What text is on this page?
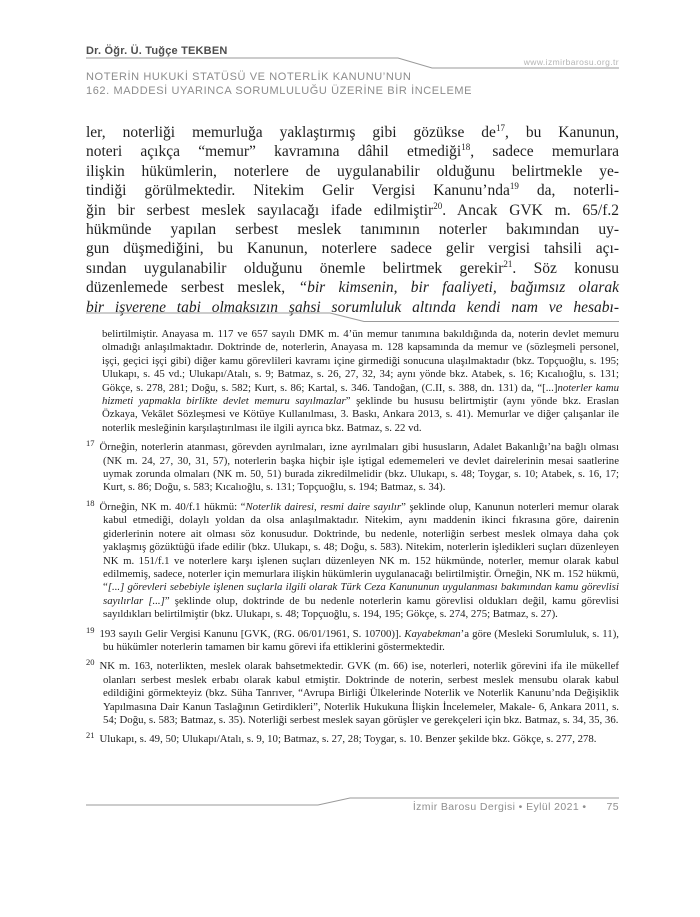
Dr. Öğr. Ü. Tuğçe TEKBEN
www.izmirbarosu.org.tr
NOTERİN HUKUKİ STATÜSÜ VE NOTERLİK KANUNU’NUN
162. MADDESİ UYARINCA SORUMLULUĞU ÜZERİNE BİR İNCELEME
ler, noterliği memurluğa yaklaştırmış gibi gözükse $de^{17}$, bu Kanunun,
noteri açıkça “memur” kavramına dâhil etmediği$^{18}$, sadece memurlara
ilişkin hükümlerin, noterlere de uygulanabilir olduğunu belirtmekle ye-
tindiği görülmektedir. Nitekim Gelir Vergisi Kanunu’nda$^{19}$ da, noterli-
ğin bir serbest meslek sayılacağı ifade edilmiştir$^{20}$. Ancak GVK m. 65/f.2
hükmünde yapılan serbest meslek tanımının noterler bakımından uy-
gun düşmediğini, bu Kanunun, noterlere sadece gelir vergisi tahsili açı-
sından uygulanabilir olduğunu önemle belirtmek gerekir$^{21}$. Söz konusu
düzenlemede serbest meslek, “bir kimsenin, bir faaliyeti, bağımsız olarak
bir işverene tabi olmaksızın şahsi sorumluluk altında kendi nam ve hesabı-
belirtilmiştir. Anayasa m. 117 ve 657 sayılı DMK m. 4’ün memur tanımına bakıldığında da, noterin devlet memuru olmadığı anlaşılmaktadır. Doktrinde de, noterlerin, Anayasa m. 128 kapsamında da memur ve (sözleşmeli personel, işçi, geçici işçi gibi) diğer kamu görevlileri kavramı içine girmediği sonucuna ulaşılmaktadır (bkz. Topçuoğlu, s. 195; Ulukapı, s. 45 vd.; Ulukapı/Atalı, s. 9; Batmaz, s. 26, 27, 32, 34; aynı yönde bkz. Atabek, s. 16; Kıcalıoğlu, s. 131; Gökçe, s. 278, 281; Doğu, s. 582; Kurt, s. 86; Kartal, s. 346. Tandoğan, (C.II, s. 388, dn. 131) da, “[...]noterler kamu hizmeti yapmakla birlikte devlet memuru sayılmazlar” şeklinde bu hususu belirtmiştir (aynı yönde bkz. Eraslan Özkaya, Vekâlet Sözleşmesi ve Kötüye Kullanılması, 3. Baskı, Ankara 2013, s. 41). Memurlar ve diğer çalışanlar ile noterlik mesleğinin karşılaştırılması ile ilgili ayrıca bkz. Batmaz, s. 22 vd.
$^{17}$ Örneğin, noterlerin atanması, görevden ayrılmaları, izne ayrılmaları gibi hususların, Adalet Bakanlığı’na bağlı olması (NK m. 24, 27, 30, 31, 57), noterlerin başka hiçbir işle iştigal edememeleri ve devlet dairelerinin mesai saatlerine uymak zorunda olmaları (NK m. 50, 51) burada zikredilmelidir (bkz. Ulukapı, s. 48; Toygar, s. 10; Atabek, s. 16, 17; Kurt, s. 86; Doğu, s. 583; Kıcalıoğlu, s. 131; Topçuoğlu, s. 194; Batmaz, s. 34).
$^{18}$ Örneğin, NK m. 40/f.1 hükmü: “Noterlik dairesi, resmi daire sayılır” şeklinde olup, Kanunun noterleri memur olarak kabul etmediği, dolaylı yoldan da olsa anlaşılmaktadır. Nitekim, aynı maddenin ikinci fıkrasına göre, dairenin giderlerinin notere ait olması söz konusudur. Doktrinde, bu nedenle, noterliğin serbest meslek olmaya daha çok yaklaşmış gözüktüğü ifade edilir (bkz. Ulukapı, s. 48; Doğu, s. 583). Nitekim, noterlerin işledikleri suçları düzenleyen NK m. 151/f.1 ve noterlere karşı işlenen suçları düzenleyen NK m. 152 hükmünde, noterler, memur olarak kabul edilmemiş, sadece, noterler için memurlara ilişkin hükümlerin uygulanacağı belirtilmiştir. Örneğin, NK m. 152 hükmü, “[...] görevleri sebebiyle işlenen suçlarla ilgili olarak Türk Ceza Kanununun uygulanması bakımından kamu görevlisi sayılırlar [...]” şeklinde olup, doktrinde de bu nedenle noterlerin kamu görevlisi oldukları değil, kamu görevlisi sayıldıkları belirtilmiştir (bkz. Ulukapı, s. 48; Topçuoğlu, s. 194, 195; Gökçe, s. 274, 275; Batmaz, s. 27).
$^{19}$ 193 sayılı Gelir Vergisi Kanunu [GVK, (RG. 06/01/1961, S. 10700)]. Kayabekman’a göre (Mesleki Sorumluluk, s. 11), bu hükümler noterlerin tamamen bir kamu görevi ifa ettiklerini göstermektedir.
$^{20}$ NK m. 163, noterlikten, meslek olarak bahsetmektedir. GVK (m. 66) ise, noterleri, noterlik görevini ifa ile mükellef olanları serbest meslek erbabı olarak kabul etmiştir. Doktrinde de noterin, serbest meslek mensubu olarak kabul edildiğini görmekteyiz (bkz. Süha Tanrıver, “Avrupa Birliği Ülkelerinde Noterlik ve Noterlik Kanunu’nda Değişiklik Yapılmasına Dair Kanun Taslağının Getirdikleri”, Noterlik Hukukuna İlişkin İncelemeler, Makale- 6, Ankara 2011, s. 54; Doğu, s. 583; Batmaz, s. 35). Noterliği serbest meslek sayan görüşler ve gerekçeleri için bkz. Batmaz, s. 34, 35, 36.
$^{21}$ Ulukapı, s. 49, 50; Ulukapı/Atalı, s. 9, 10; Batmaz, s. 27, 28; Toygar, s. 10. Benzer şekilde bkz. Gökçe, s. 277, 278.
İzmir Barosu Dergisi • Eylül 2021 • 75
